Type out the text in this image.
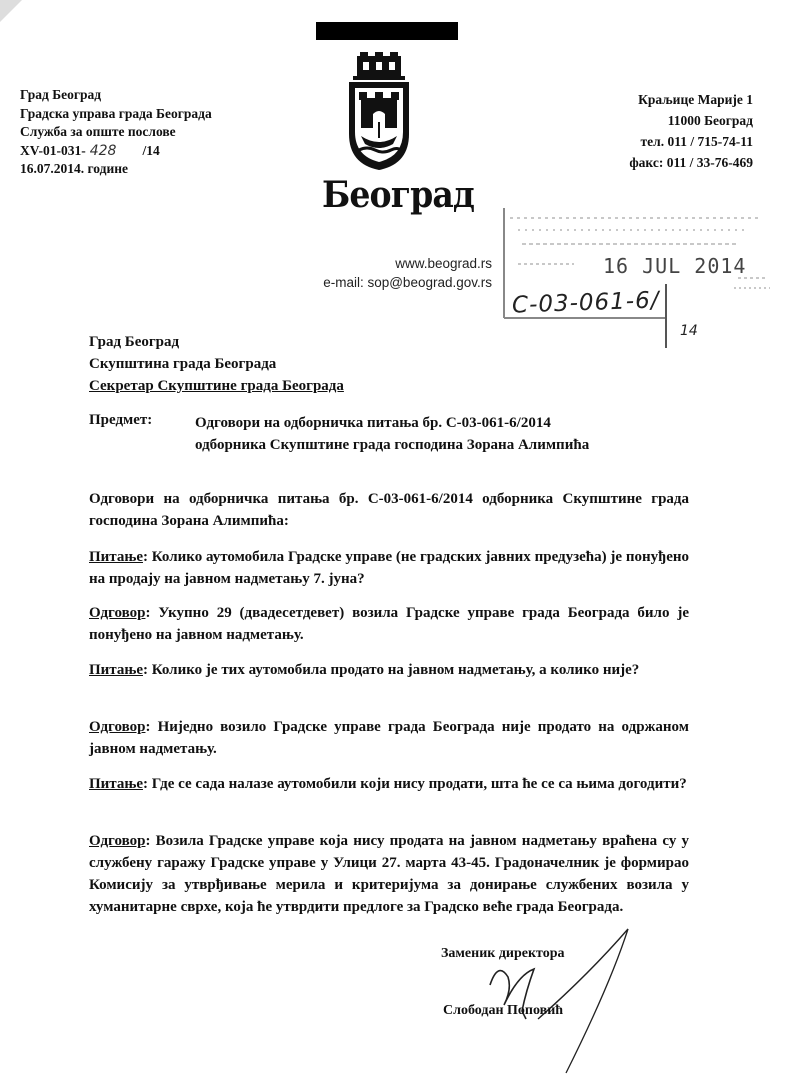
Град Београд
Градска управа града Београда
Служба за опште послове
XV-01-031- 428 /14
16.07.2014. године
Београд
www.beograd.rs
e-mail: sop@beograd.gov.rs
Краљице Марије 1
11000 Београд
тел. 011 / 715-74-11
факс: 011 / 33-76-469
16 JUL 2014
С-03-061-6/
14
Град Београд
Скупштина града Београда
Секретар Скупштине града Београда
Предмет:	Одговори на одборничка питања бр. С-03-061-6/2014
одборника Скупштине града господина Зорана Алимпића
Одговори на одборничка питања бр. С-03-061-6/2014 одборника Скупштине града господина Зорана Алимпића:
Питање: Колико аутомобила Градске управе (не градских јавних предузећа) је понуђено на продају на јавном надметању 7. јуна?
Одговор: Укупно 29 (двадесетдевет) возила Градске управе града Београда било је понуђено на јавном надметању.
Питање: Колико је тих аутомобила продато на јавном надметању, а колико није?
Одговор: Ниједно возило Градске управе града Београда није продато на одржаном јавном надметању.
Питање: Где се сада налазе аутомобили који нису продати, шта ће се са њима догодити?
Одговор: Возила Градске управе која нису продата на јавном надметању враћена су у службену гаражу Градске управе у Улици 27. марта 43-45. Градоначелник је формирао Комисију за утврђивање мерила и критеријума за донирање службених возила у хуманитарне сврхе, која ће утврдити предлоге за Градско веће града Београда.
Заменик директора
Слободан Поповић
